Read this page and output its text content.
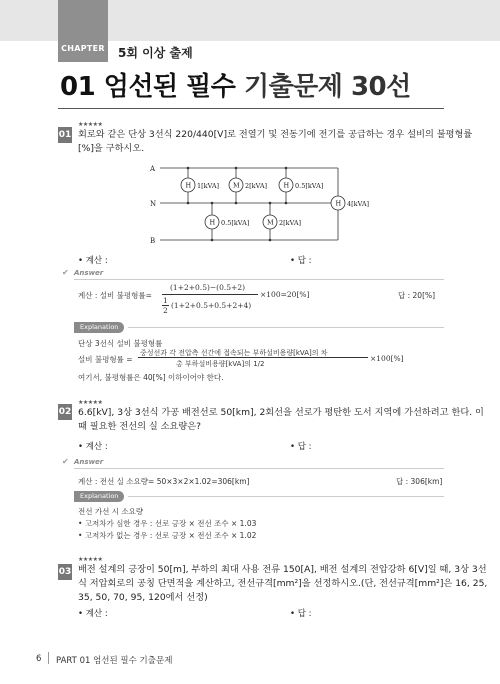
CHAPTER 5회 이상 출제
01 엄선된 필수 기출문제 30선
01
★★★★★
회로와 같은 단상 3선식 220/440[V]로 전열기 및 전동기에 전기를 공급하는 경우 설비의 불평형률
[%]을 구하시오.
A
N
B
H	M	H
H	M
H
1[kVA]	2[kVA]	0.5[kVA]
0.5[kVA]	2[kVA]
4[kVA]
• 계산 :	• 답 :
✔ Answer
계산 : 설비 불평형률=
(1+2+0.5)−(0.5+2)
1
2
(1+2+0.5+0.5+2+4)
×100=20[%]	답 : 20[%]
Explanation
단상 3선식 설비 불평형률
설비 불평형률 =
중성선과 각 전압측 선간에 접속되는 부하설비용량[kVA]의 차
총 부하설비용량[kVA]의 1/2
×100[%]
여기서, 불평형률은 40[%] 이하이어야 한다.
02
★★★★★
6.6[kV], 3상 3선식 가공 배전선로 50[km], 2회선을 선로가 평탄한 도서 지역에 가선하려고 한다. 이
때 필요한 전선의 실 소요량은?
• 계산 :	• 답 :
✔ Answer
계산 : 전선 실 소요량= 50×3×2×1.02=306[km]	답 : 306[km]
Explanation
전선 가선 시 소요량
• 고저차가 심한 경우 : 선로 긍장 × 전선 조수 × 1.03
• 고저차가 없는 경우 : 선로 긍장 × 전선 조수 × 1.02
03
★★★★★
배전 설계의 긍장이 50[m], 부하의 최대 사용 전류 150[A], 배전 설계의 전압강하 6[V]일 때, 3상 3선
식 저압회로의 공칭 단면적을 계산하고, 전선규격[mm²]을 선정하시오.(단, 전선규격[mm²]은 16, 25,
35, 50, 70, 95, 120에서 선정)
• 계산 :	• 답 :
6 PART 01 엄선된 필수 기출문제
